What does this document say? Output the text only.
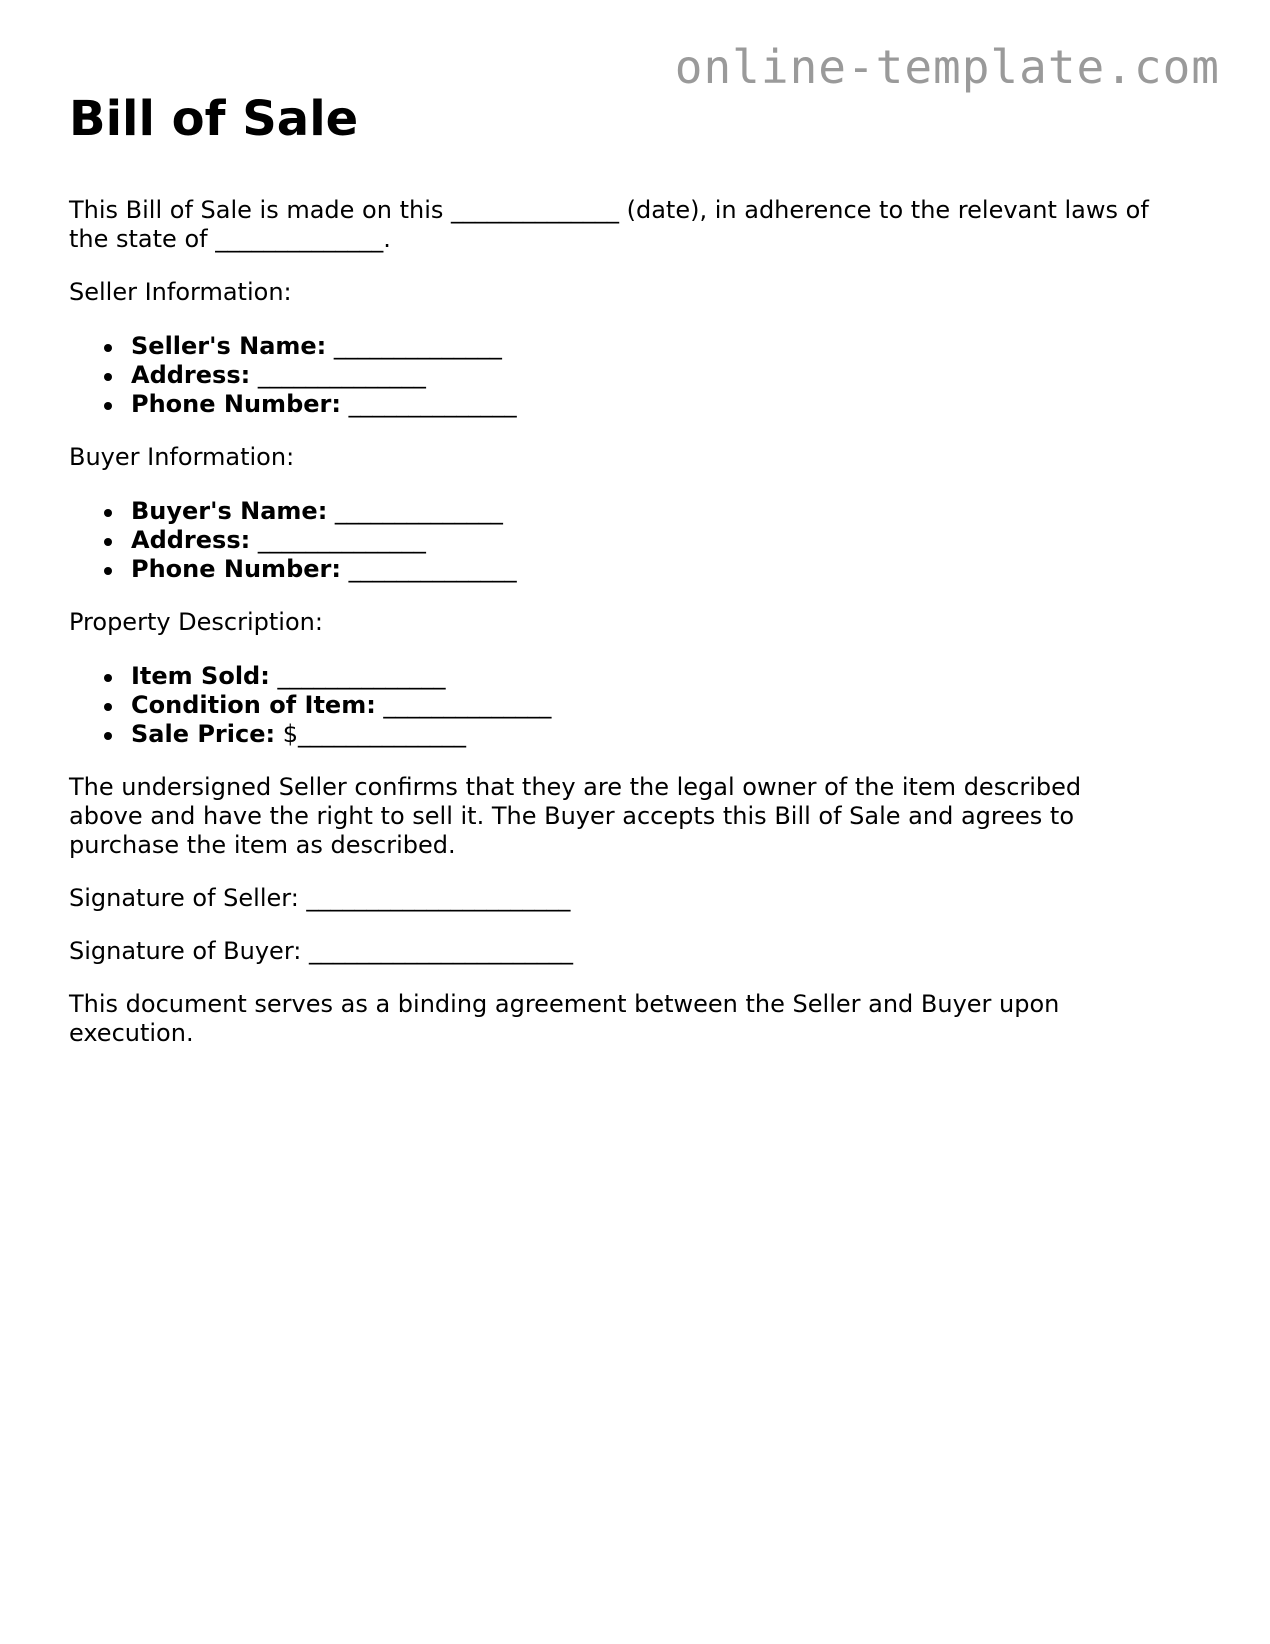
online-template.com
Bill of Sale

This Bill of Sale is made on this ______________ (date), in adherence to the relevant laws of
the state of ______________.

Seller Information:

Seller's Name: ______________
Address: ______________
Phone Number: ______________

Buyer Information:

Buyer's Name: ______________
Address: ______________
Phone Number: ______________

Property Description:

Item Sold: ______________
Condition of Item: ______________
Sale Price: $______________

The undersigned Seller confirms that they are the legal owner of the item described
above and have the right to sell it. The Buyer accepts this Bill of Sale and agrees to
purchase the item as described.

Signature of Seller: ______________________

Signature of Buyer: ______________________

This document serves as a binding agreement between the Seller and Buyer upon
execution.
